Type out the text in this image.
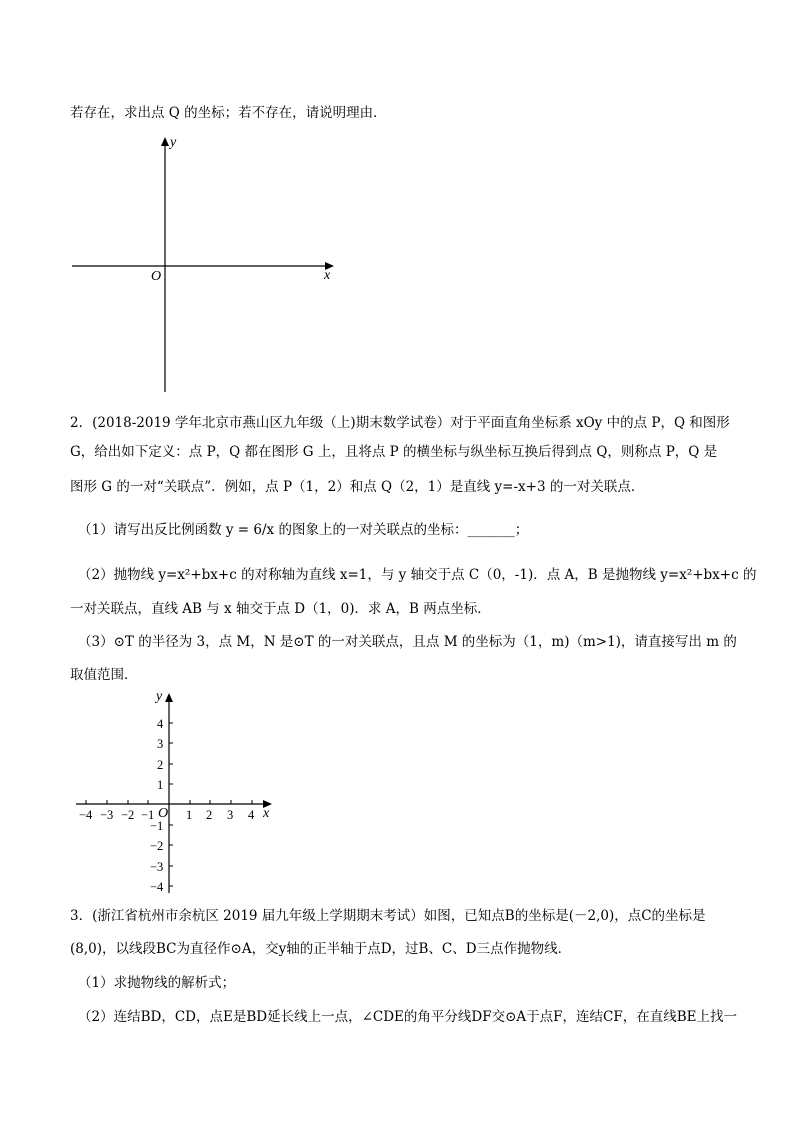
若存在，求出点 Q 的坐标；若不存在，请说明理由．
y
x
O
2．(2018-2019 学年北京市燕山区九年级（上)期末数学试卷）对于平面直角坐标系 xOy 中的点 P，Q 和图形
G，给出如下定义：点 P，Q 都在图形 G 上，且将点 P 的横坐标与纵坐标互换后得到点 Q，则称点 P，Q 是
图形 G 的一对“关联点”．例如，点 P（1，2）和点 Q（2，1）是直线 y=-x+3 的一对关联点．
（1）请写出反比例函数 y = 6/x 的图象上的一对关联点的坐标：_______；
（2）抛物线 y=x²+bx+c 的对称轴为直线 x=1，与 y 轴交于点 C（0，-1)．点 A，B 是抛物线 y=x²+bx+c 的
一对关联点，直线 AB 与 x 轴交于点 D（1，0)．求 A，B 两点坐标．
（3）⊙T 的半径为 3，点 M，N 是⊙T 的一对关联点，且点 M 的坐标为（1，m)（m>1)，请直接写出 m 的
取值范围．
y
x
O
−4 −3 −2 −1	1 2 3 4
4
3
2
1
−1
−2
−3
−4
3．(浙江省杭州市余杭区 2019 届九年级上学期期末考试）如图，已知点B的坐标是(－2,0)，点C的坐标是
(8,0)，以线段BC为直径作⊙A，交y轴的正半轴于点D，过B、C、D三点作抛物线．
（1）求抛物线的解析式；
（2）连结BD，CD，点E是BD延长线上一点，∠CDE的角平分线DF交⊙A于点F，连结CF，在直线BE上找一
